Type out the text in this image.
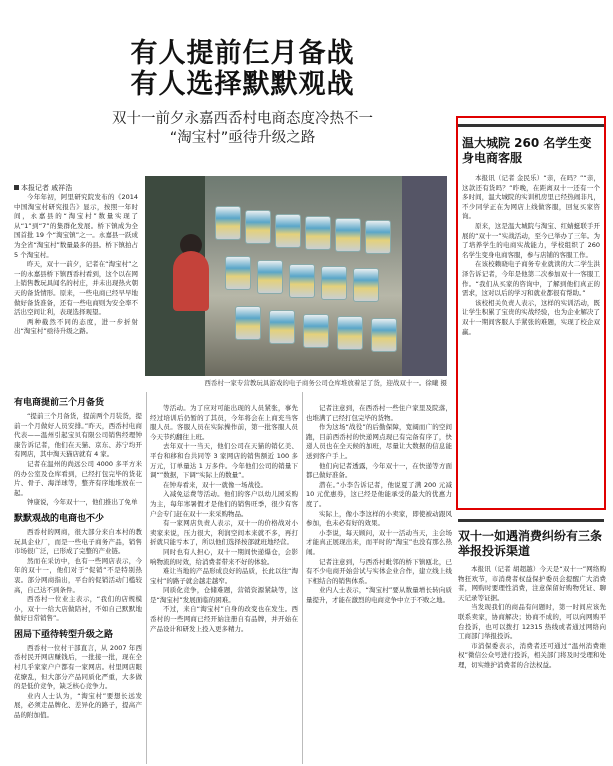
有人提前仨月备战
有人选择默默观战
双十一前夕永嘉西岙村电商态度冷热不一
“淘宝村”亟待升级之路
本报记者 戚祥浩

今年年初，阿里研究院发布的《2014 中国淘宝村研究报告》显示，按照一年时间，永嘉县的“淘宝村”数量实现了从“1”到“7”的集群化发展。桥下镇成为全国首批 19 个“淘宝镇”之一。永嘉县一跃成为全省“淘宝村”数量最多的县。桥下镇拍占 5 个淘宝村。

昨天，双十一前夕，记者在“淘宝村”之一的永嘉县桥下镇西岙村看到，这个以在网上销售教玩具闻名的村庄，并未出现热火朝天的备货情形。原来，一些电商已经早早地做好备货准备，还有一些电商则为安全率不活出空间让利，表现选择观望。

两种截然不同的态度，进一步折射出“淘宝村”亟待升级之路。

西岙村一家专营教玩具游戏的电子商务公司仓库堆放着足了货，迎战双十一。徐曦 摄
有电商提前三个月备货

“提前三个月备货，提前两个月装货，提前一个月做好人员安排。”昨天，西岙村电商代表——温州引起宝贝有限公司销售经理钟康告诉记者，他们在天猫、京东、苏宁均开有网店，其中淘天猫店就有 4 家。

记者在温州的尚远公司 4000 多平方米的办公室及仓库看到，已经打包完毕的货花片、骨子、海洋球等，整齐有序地堆放在一起。

钟康说，今年双十一，他们推出了免单

默默观战的电商也不少

西岙村的网商，很大部分来自本村的教玩具企业厂，而是一些电子商务产品，销售市场很广泛，已形成了完整的产业链。

然而在采访中，也有一些网店表示，今年的双十一，他们对于“促销”不是特别热衷。部分网商指出，平台的促销活动门槛较高，自己达不到条件。

西岙村一位业主表示，“我们的店规模小，双十一给大店做陪衬，不如自己默默地做好日常销售”。

困局下亟待转型升级之路

西岙村一位村干部直言，从 2007 年西岙村民开网店赚钱后，一批接一批，现在全村几乎家家户户都有一家网店。村里网店眼花缭乱，但大部分产品同质化严重，大多做的是低价竞争，缺乏核心竞争力。

业内人士认为，“淘宝村”要想长远发展，必须走品牌化、差异化的路子，提高产品的附加值。

等活动。为了应对可能出现的人员紧张，事先经过培训后仍暂的了其员，今年将会在上商充当客服人员。客服人员在实际操作前，第一批客服人员今天节约翻往上班。

去年双十一当天，他们公司在天猫的销亿美、平台和移和台共同等 3 家网店的销售额近 100 多万元，订单量达 1 万多件。今年他们公司的销量下调“”数据，下调“实际上的数量”。

在钟寿看来，双十一就像一场战役。

入减免运费等活动。他们的客户以幼儿园采购为主，每年寒暑假才是他们的销售旺季，很少有客户会专门赶在双十一来采购物品。

有一家网店负责人表示，双十一的价格战对小卖家来说，压力很大，利润空间本来就不多，再打折就只能亏本了，所以他们选择按部就班地经营。

同时也有人担心，双十一期间快递爆仓，会影响物流的时效，给消费者带来不好的体验。

难让当地的产品形成良好的品质，长此以往“淘宝村”的路子就会越走越窄。

同质化竞争，仓储难题，营销资源紧缺等，这是“淘宝村”发展面临的困难。

不过，来自“淘宝村”自身的改变也在发生。西岙村的一些网商已经开始注册自有品牌，并开始在产品设计和研发上投入更多精力。

记者注意到，在西岙村一些住户家里及院落，也堆满了已经打包完毕的货物。

作为这场“战役”的后勤保障，宽阔而广的空间跑，目前西岙村的快递网点现已有完备有序了，快递人员也在全天候的加班，尽量让大数据的信息能送到客户手上。

他们向记者透露，今年双十一，在快递等方面都已做好准备。

潜在。”小李告诉记者，他说夏了满 200 元减 10 元优惠券，这已经是他能承受的最大的优惠力度了。

实际上，像小李这样的小卖家，即使被动跟风参加，也未必有好的效果。

小李说，每天顾问，双十一活动当天，主会场才能真正展现出来，而平时的“淘宝”也没有那么热闹。

记者注意到，与西岙村毗邻的桥下镇瓯北，已有不少电商开始尝试与实体企业合作，建立线上线下相结合的销售体系。

业内人士表示，“淘宝村”要从数量增长转向质量提升，才能在激烈的电商竞争中立于不败之地。

温大城院 260 名学生变身电商客服

本报讯（记者 金民乐）“亲，在吗？”“亲，这款还有货吗？”昨晚，在距离双十一还有一个多时间，温大城院的实训机房里已经热闹非凡，不少同学正在为网店上线做客服，回复买家咨询。

原来，这是温大城院与淘宝、红蜻蜓联手开展的“双十一”实战活动，至今已举办了三年。为了培养学生的电商实战能力，学校组织了 260 名学生变身电商客服，参与店铺的客服工作。

在该校赖晓电子商务专业就读的大二学生洪泽告诉记者，今年是他第二次参加双十一客服工作。“我们从买家的咨询中，了解到他们真正的需求，这对以后的学习和就业都很有帮助。”

该校相关负责人表示，这样的实训活动，既让学生积累了宝贵的实战经验，也为企业解决了双十一期间客服人手紧张的难题，实现了校企双赢。

双十一如遇消费纠纷有三条举报投诉渠道

本报讯（记者 胡超越）今天是“双十一”网络购物狂欢节，市消费者权益保护委员会提醒广大消费者，网购时要理性消费，注意保留好购物凭证、聊天记录等证据。

当发现我们的商品有问题时，第一时间应该先联系卖家，协商解决；协商不成的，可以向网购平台投诉，也可以拨打 12315 热线或者通过网络向工商部门举报投诉。

市消保委表示，消费者还可通过“温州消费维权”微信公众号进行投诉，相关部门将及时受理和处理，切实维护消费者的合法权益。
